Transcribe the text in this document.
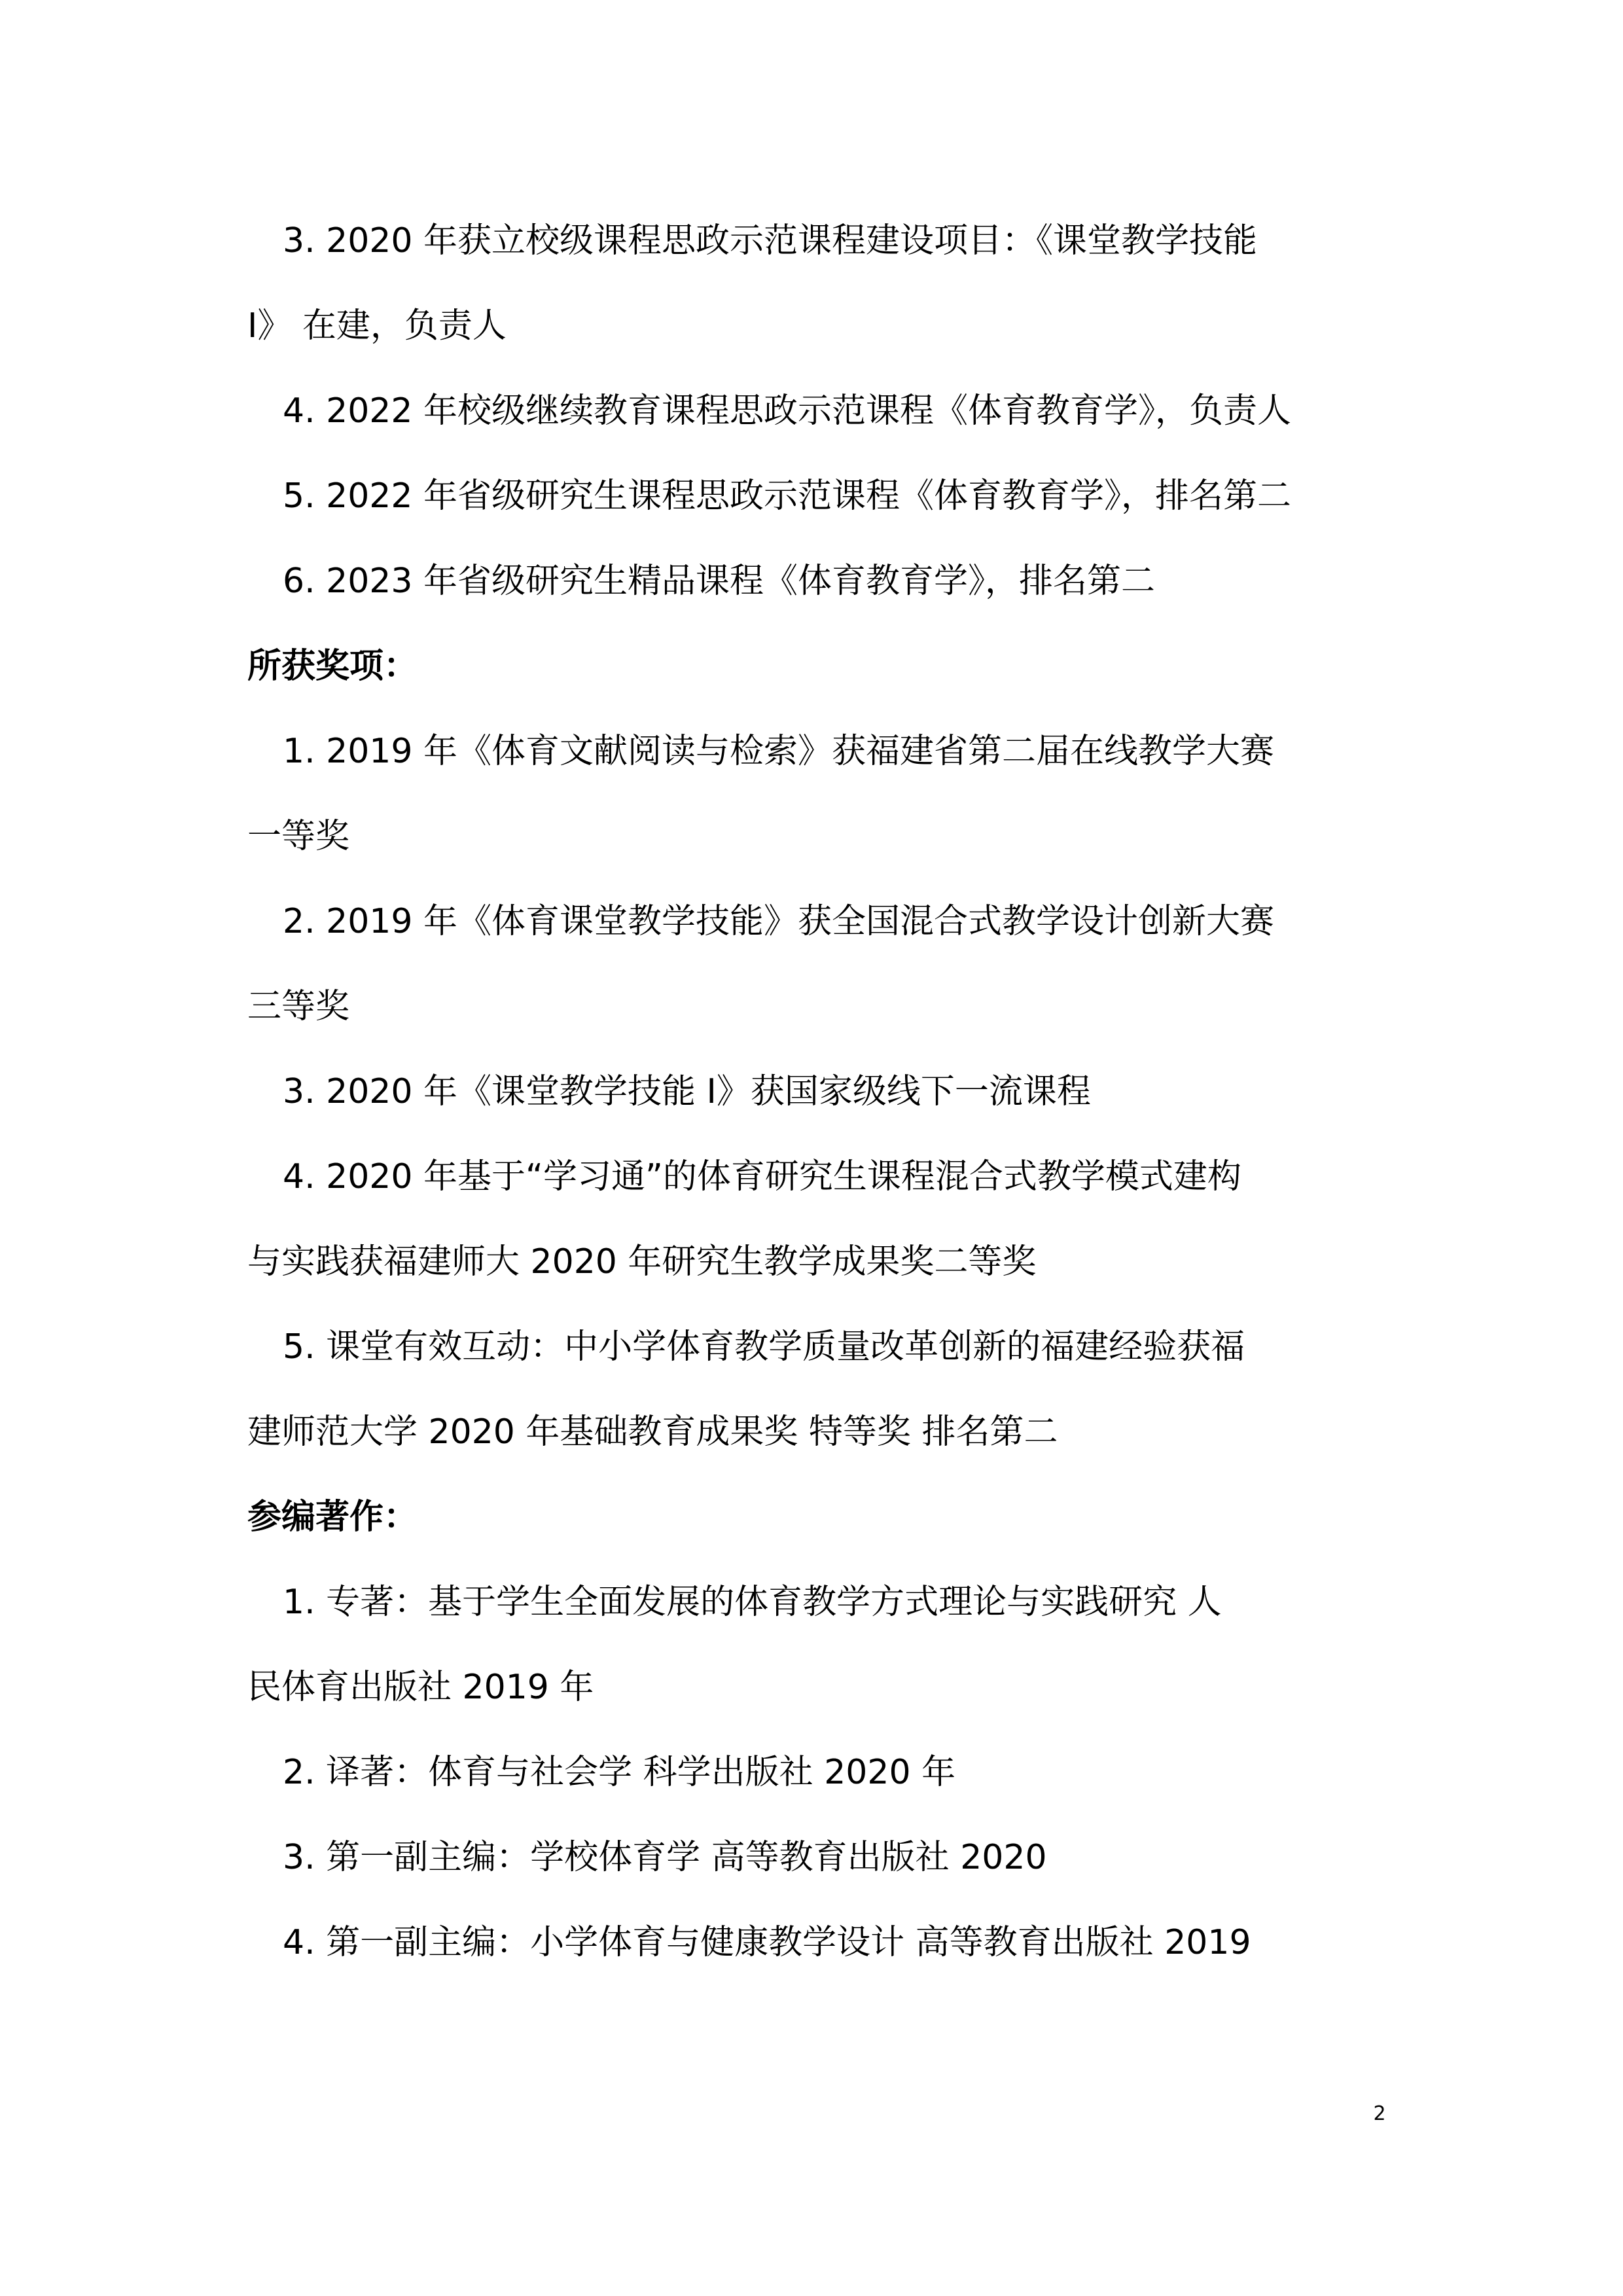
3. 2020 年获立校级课程思政示范课程建设项目：《课堂教学技能
I》 在建，负责人
4. 2022 年校级继续教育课程思政示范课程《体育教育学》，负责人
5. 2022 年省级研究生课程思政示范课程《体育教育学》，排名第二
6. 2023 年省级研究生精品课程《体育教育学》，排名第二
所获奖项：
1. 2019 年《体育文献阅读与检索》获福建省第二届在线教学大赛
一等奖
2. 2019 年《体育课堂教学技能》获全国混合式教学设计创新大赛
三等奖
3. 2020 年《课堂教学技能 I》获国家级线下一流课程
4. 2020 年基于“学习通”的体育研究生课程混合式教学模式建构
与实践获福建师大 2020 年研究生教学成果奖二等奖
5. 课堂有效互动：中小学体育教学质量改革创新的福建经验获福
建师范大学 2020 年基础教育成果奖 特等奖 排名第二
参编著作：
1. 专著：基于学生全面发展的体育教学方式理论与实践研究 人
民体育出版社 2019 年
2. 译著：体育与社会学 科学出版社 2020 年
3. 第一副主编：学校体育学 高等教育出版社 2020
4. 第一副主编：小学体育与健康教学设计 高等教育出版社 2019
2
